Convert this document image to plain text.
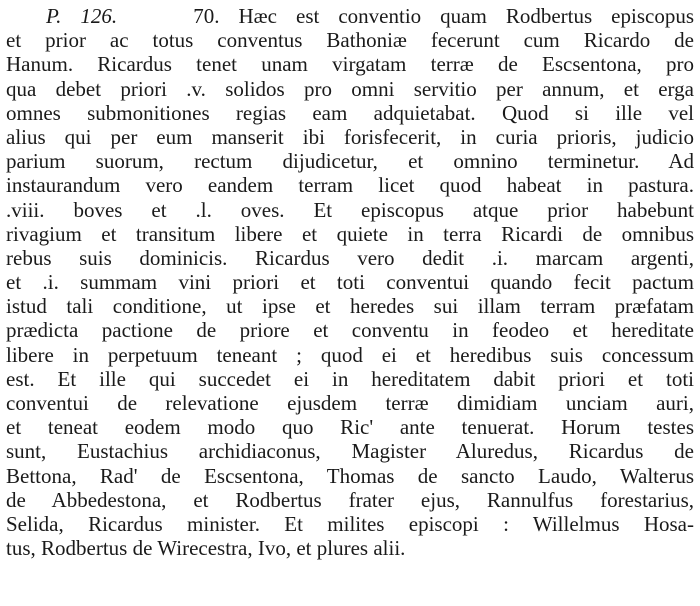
P. 126.	70. Hæc est conventio quam Rodbertus episcopus
et prior ac totus conventus Bathoniæ fecerunt cum Ricardo de
Hanum. Ricardus tenet unam virgatam terræ de Escsentona, pro
qua debet priori .v. solidos pro omni servitio per annum, et erga
omnes submonitiones regias eam adquietabat. Quod si ille vel
alius qui per eum manserit ibi forisfecerit, in curia prioris, judicio
parium suorum, rectum dijudicetur, et omnino terminetur. Ad
instaurandum vero eandem terram licet quod habeat in pastura.
.viii. boves et .l. oves. Et episcopus atque prior habebunt
rivagium et transitum libere et quiete in terra Ricardi de omnibus
rebus suis dominicis. Ricardus vero dedit .i. marcam argenti,
et .i. summam vini priori et toti conventui quando fecit pactum
istud tali conditione, ut ipse et heredes sui illam terram præfatam
prædicta pactione de priore et conventu in feodeo et hereditate
libere in perpetuum teneant ; quod ei et heredibus suis concessum
est. Et ille qui succedet ei in hereditatem dabit priori et toti
conventui de relevatione ejusdem terræ dimidiam unciam auri,
et teneat eodem modo quo Ric' ante tenuerat. Horum testes
sunt, Eustachius archidiaconus, Magister Aluredus, Ricardus de
Bettona, Rad' de Escsentona, Thomas de sancto Laudo, Walterus
de Abbedestona, et Rodbertus frater ejus, Rannulfus forestarius,
Selida, Ricardus minister. Et milites episcopi : Willelmus Hosa-
tus, Rodbertus de Wirecestra, Ivo, et plures alii.
